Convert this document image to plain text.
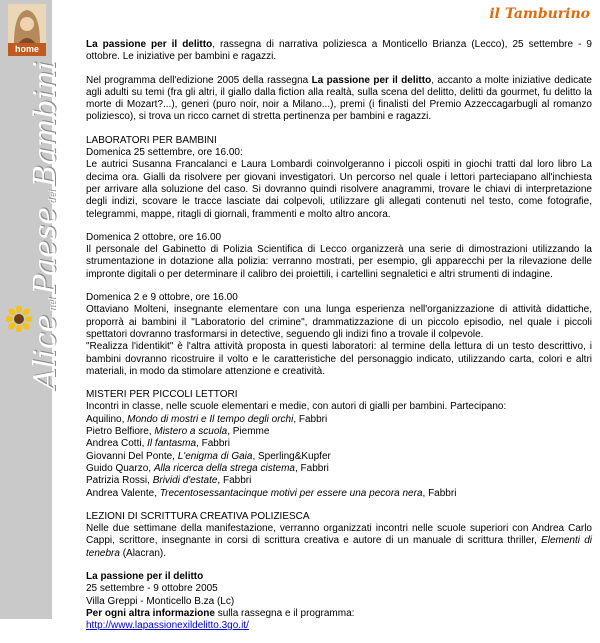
home
AlicenelPaesedeiBambini
il Tamburino

La passione per il delitto, rassegna di narrativa poliziesca a Monticello Brianza (Lecco), 25 settembre - 9 ottobre. Le iniziative per bambini e ragazzi.

Nel programma dell'edizione 2005 della rassegna La passione per il delitto, accanto a molte iniziative dedicate agli adulti su temi (fra gli altri, il giallo dalla fiction alla realtà, sulla scena del delitto, delitti da gourmet, fu delitto la morte di Mozart?...), generi (puro noir, noir a Milano...), premi (i finalisti del Premio Azzeccagarbugli al romanzo poliziesco), si trova un ricco carnet di stretta pertinenza per bambini e ragazzi.

LABORATORI PER BAMBINI
Domenica 25 settembre, ore 16.00:

Le autrici Susanna Francalanci e Laura Lombardi coinvolgeranno i piccoli ospiti in giochi tratti dal loro libro La decima ora. Gialli da risolvere per giovani investigatori. Un percorso nel quale i lettori parteciapano all'inchiesta per arrivare alla soluzione del caso. Si dovranno quindi risolvere anagrammi, trovare le chiavi di interpretazione degli indizi, scovare le tracce lasciate dai colpevoli, utilizzare gli allegati contenuti nel testo, come fotografie, telegrammi, mappe, ritagli di giornali, frammenti e molto altro ancora.

Domenica 2 ottobre, ore 16.00

Il personale del Gabinetto di Polizia Scientifica di Lecco organizzerà una serie di dimostrazioni utilizzando la strumentazione in dotazione alla polizia: verranno mostrati, per esempio, gli apparecchi per la rilevazione delle impronte digitali o per determinare il calibro dei proiettili, i cartellini segnaletici e altri strumenti di indagine.

Domenica 2 e 9 ottobre, ore 16.00

Ottaviano Molteni, insegnante elementare con una lunga esperienza nell'organizzazione di attività didattiche, proporrà ai bambini il "Laboratorio del crimine", drammatizzazione di un piccolo episodio, nel quale i piccoli spettatori dovranno trasformarsi in detective, seguendo gli indizi fino a trovale il colpevole.

"Realizza l'identikit" è l'altra attività proposta in questi laboratori: al termine della lettura di un testo descrittivo, i bambini dovranno ricostruire il volto e le caratteristiche del personaggio indicato, utilizzando carta, colori e altri materiali, in modo da stimolare attenzione e creatività.

MISTERI PER PICCOLI LETTORI
Incontri in classe, nelle scuole elementari e medie, con autori di gialli per bambini. Partecipano:
Aquilino, Mondo di mostri e Il tempo degli orchi, Fabbri
Pietro Belfiore, Mistero a scuola, Piemme
Andrea Cotti, Il fantasma, Fabbri
Giovanni Del Ponte, L'enigma di Gaia, Sperling&Kupfer
Guido Quarzo, Alla ricerca della strega cistema, Fabbri
Patrizia Rossi, Brividi d'estate, Fabbri
Andrea Valente, Trecentosessantacinque motivi per essere una pecora nera, Fabbri
LEZIONI DI SCRITTURA CREATIVA POLIZIESCA

Nelle due settimane della manifestazione, verranno organizzati incontri nelle scuole superiori con Andrea Carlo Cappi, scrittore, insegnante in corsi di scrittura creativa e autore di un manuale di scrittura thriller, Elementi di tenebra (Alacran).

La passione per il delitto
25 settembre - 9 ottobre 2005
Villa Greppi - Monticello B.za (Lc)
Per ogni altra informazione sulla rassegna e il programma:
http://www.lapassionexildelitto.3go.it/
